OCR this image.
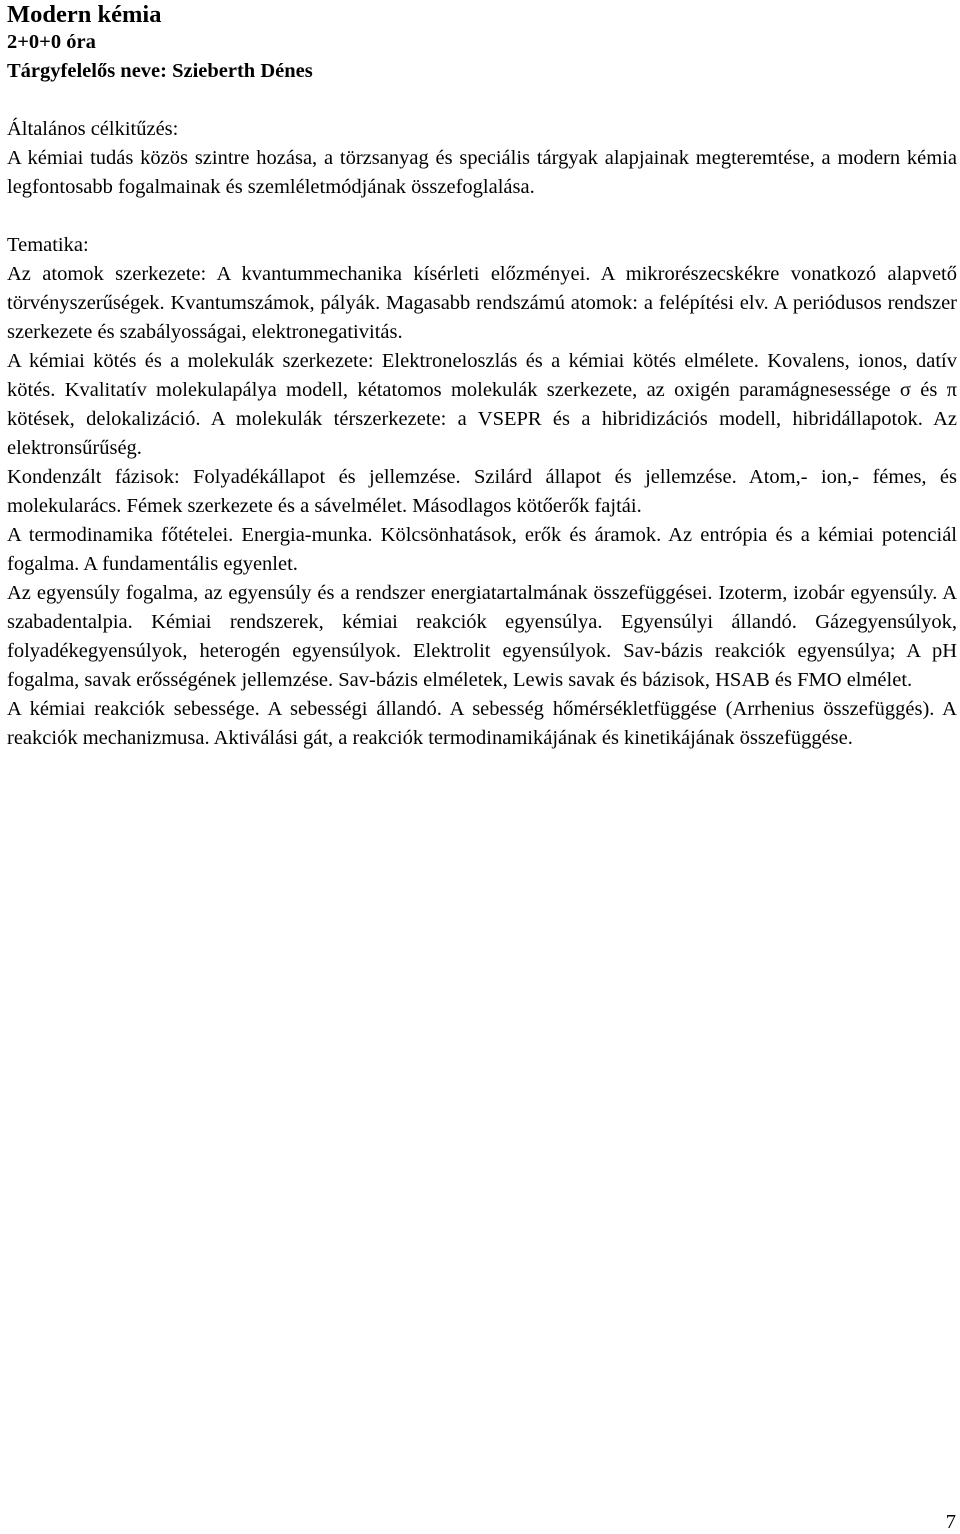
Modern kémia

2+0+0 óra

Tárgyfelelős neve: Szieberth Dénes

Általános célkitűzés:

A kémiai tudás közös szintre hozása, a törzsanyag és speciális tárgyak alapjainak megteremtése, a modern kémia legfontosabb fogalmainak és szemléletmódjának összefoglalása.

Tematika:

Az atomok szerkezete: A kvantummechanika kísérleti előzményei. A mikrorészecskékre vonatkozó alapvető törvényszerűségek. Kvantumszámok, pályák. Magasabb rendszámú atomok: a felépítési elv. A periódusos rendszer szerkezete és szabályosságai, elektronegativitás.

A kémiai kötés és a molekulák szerkezete: Elektroneloszlás és a kémiai kötés elmélete. Kovalens, ionos, datív kötés. Kvalitatív molekulapálya modell, kétatomos molekulák szerkezete, az oxigén paramágnesessége σ és π kötések, delokalizáció. A molekulák térszerkezete: a VSEPR és a hibridizációs modell, hibridállapotok. Az elektronsűrűség.

Kondenzált fázisok: Folyadékállapot és jellemzése. Szilárd állapot és jellemzése. Atom,- ion,- fémes, és molekularács. Fémek szerkezete és a sávelmélet. Másodlagos kötőerők fajtái.

A termodinamika főtételei. Energia-munka. Kölcsönhatások, erők és áramok. Az entrópia és a kémiai potenciál fogalma. A fundamentális egyenlet.

Az egyensúly fogalma, az egyensúly és a rendszer energiatartalmának összefüggései. Izoterm, izobár egyensúly. A szabadentalpia. Kémiai rendszerek, kémiai reakciók egyensúlya. Egyensúlyi állandó. Gázegyensúlyok, folyadékegyensúlyok, heterogén egyensúlyok. Elektrolit egyensúlyok. Sav-bázis reakciók egyensúlya; A pH fogalma, savak erősségének jellemzése. Sav-bázis elméletek, Lewis savak és bázisok, HSAB és FMO elmélet.

A kémiai reakciók sebessége. A sebességi állandó. A sebesség hőmérsékletfüggése (Arrhenius összefüggés). A reakciók mechanizmusa. Aktiválási gát, a reakciók termodinamikájának és kinetikájának összefüggése.

7
